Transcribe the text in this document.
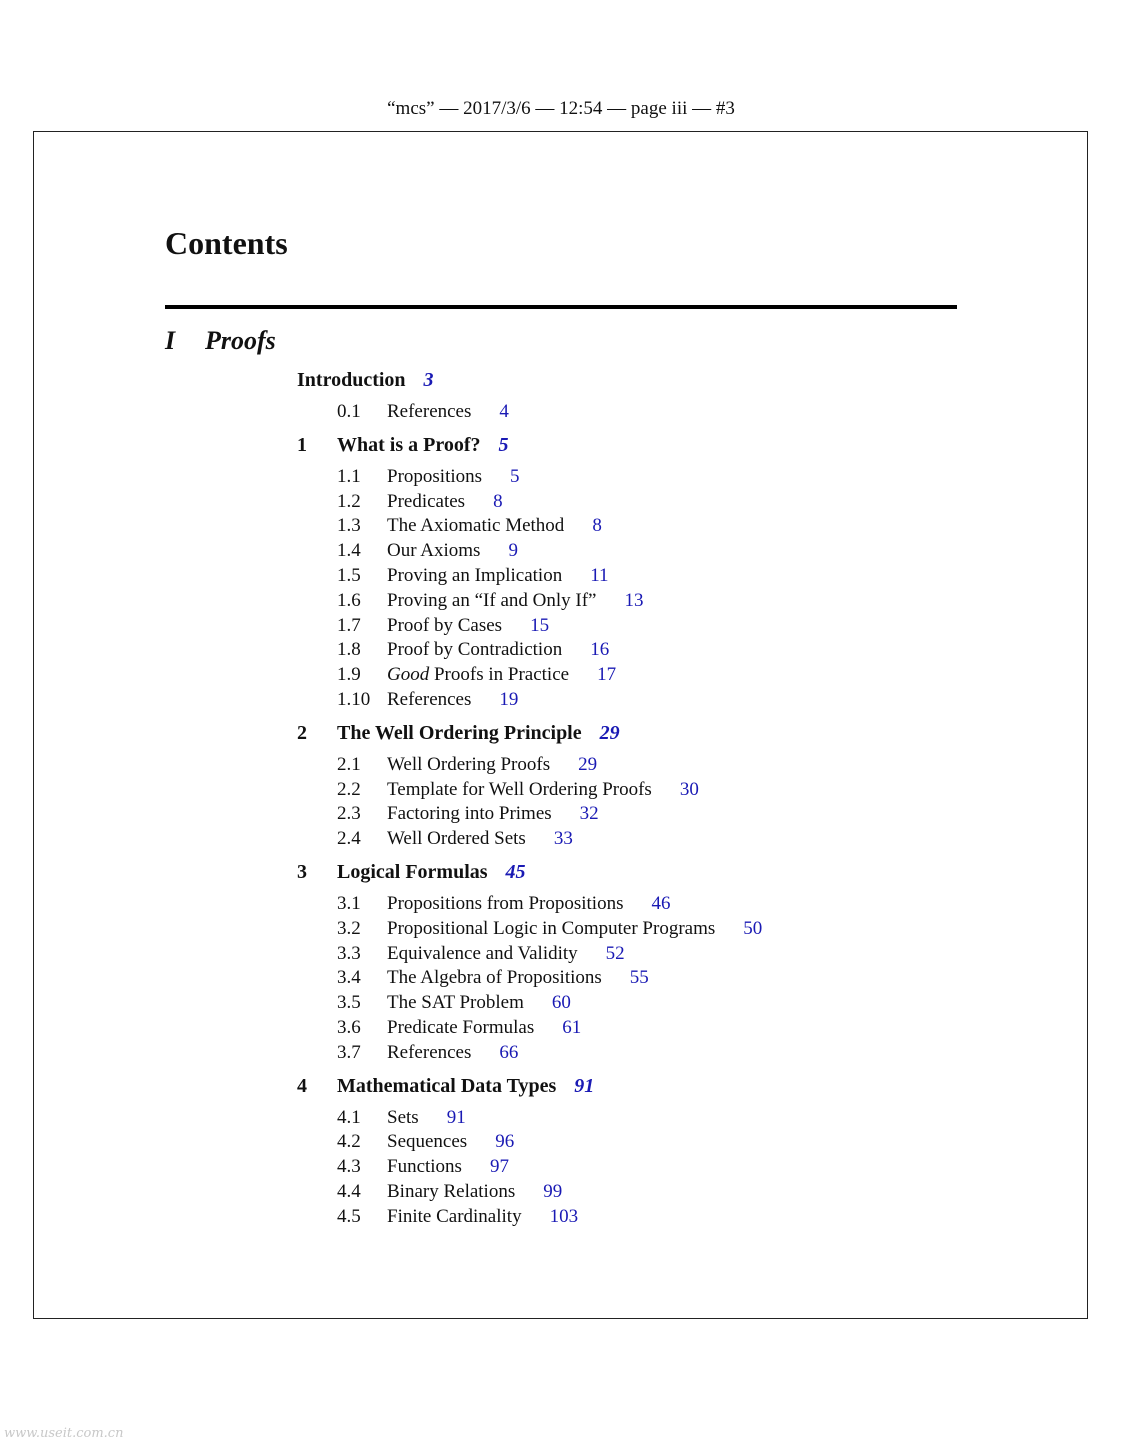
“mcs” — 2017/3/6 — 12:54 — page iii — #3
Contents
I Proofs
Introduction 3
0.1 References 4
1 What is a Proof? 5
1.1 Propositions 5
1.2 Predicates 8
1.3 The Axiomatic Method 8
1.4 Our Axioms 9
1.5 Proving an Implication 11
1.6 Proving an “If and Only If” 13
1.7 Proof by Cases 15
1.8 Proof by Contradiction 16
1.9 Good Proofs in Practice 17
1.10 References 19
2 The Well Ordering Principle 29
2.1 Well Ordering Proofs 29
2.2 Template for Well Ordering Proofs 30
2.3 Factoring into Primes 32
2.4 Well Ordered Sets 33
3 Logical Formulas 45
3.1 Propositions from Propositions 46
3.2 Propositional Logic in Computer Programs 50
3.3 Equivalence and Validity 52
3.4 The Algebra of Propositions 55
3.5 The SAT Problem 60
3.6 Predicate Formulas 61
3.7 References 66
4 Mathematical Data Types 91
4.1 Sets 91
4.2 Sequences 96
4.3 Functions 97
4.4 Binary Relations 99
4.5 Finite Cardinality 103
www.useit.com.cn
